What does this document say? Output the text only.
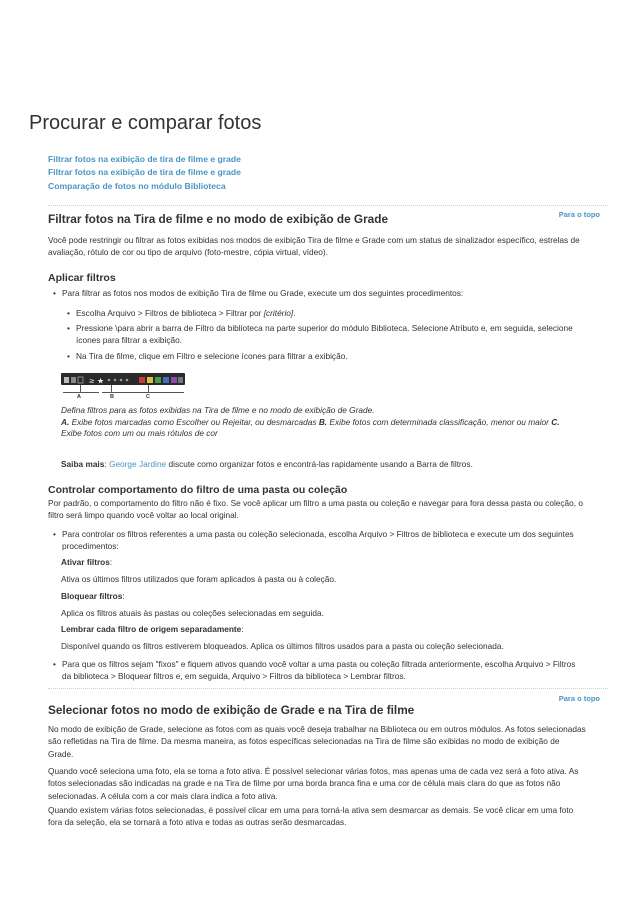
Procurar e comparar fotos
Filtrar fotos na exibição de tira de filme e grade
Filtrar fotos na exibição de tira de filme e grade
Comparação de fotos no módulo Biblioteca
Para o topo
Filtrar fotos na Tira de filme e no modo de exibição de Grade
Você pode restringir ou filtrar as fotos exibidas nos modos de exibição Tira de filme e Grade com um status de sinalizador específico, estrelas de
avaliação, rótulo de cor ou tipo de arquivo (foto-mestre, cópia virtual, vídeo).
Aplicar filtros
• Para filtrar as fotos nos modos de exibição Tira de filme ou Grade, execute um dos seguintes procedimentos:
• Escolha Arquivo > Filtros de biblioteca > Filtrar por [critério].
• Pressione \para abrir a barra de Filtro da biblioteca na parte superior do módulo Biblioteca. Selecione Atributo e, em seguida, selecione
ícones para filtrar a exibição.
• Na Tira de filme, clique em Filtro e selecione ícones para filtrar a exibição.
≥ ★
A	B	C
Defina filtros para as fotos exibidas na Tira de filme e no modo de exibição de Grade.
A. Exibe fotos marcadas como Escolher ou Rejeitar, ou desmarcadas B. Exibe fotos com determinada classificação, menor ou maior C.
Exibe fotos com um ou mais rótulos de cor
Saiba mais: George Jardine discute como organizar fotos e encontrá-las rapidamente usando a Barra de filtros.
Controlar comportamento do filtro de uma pasta ou coleção
Por padrão, o comportamento do filtro não é fixo. Se você aplicar um filtro a uma pasta ou coleção e navegar para fora dessa pasta ou coleção, o
filtro será limpo quando você voltar ao local original.
• Para controlar os filtros referentes a uma pasta ou coleção selecionada, escolha Arquivo > Filtros de biblioteca e execute um dos seguintes
procedimentos:
Ativar filtros:
Ativa os últimos filtros utilizados que foram aplicados à pasta ou à coleção.
Bloquear filtros:
Aplica os filtros atuais às pastas ou coleções selecionadas em seguida.
Lembrar cada filtro de origem separadamente:
Disponível quando os filtros estiverem bloqueados. Aplica os últimos filtros usados para a pasta ou coleção selecionada.
• Para que os filtros sejam "fixos" e fiquem ativos quando você voltar a uma pasta ou coleção filtrada anteriormente, escolha Arquivo > Filtros
da biblioteca > Bloquear filtros e, em seguida, Arquivo > Filtros da biblioteca > Lembrar filtros.
Para o topo
Selecionar fotos no modo de exibição de Grade e na Tira de filme
No modo de exibição de Grade, selecione as fotos com as quais você deseja trabalhar na Biblioteca ou em outros módulos. As fotos selecionadas
são refletidas na Tira de filme. Da mesma maneira, as fotos específicas selecionadas na Tira de filme são exibidas no modo de exibição de
Grade.
Quando você seleciona uma foto, ela se torna a foto ativa. É possível selecionar várias fotos, mas apenas uma de cada vez será a foto ativa. As
fotos selecionadas são indicadas na grade e na Tira de filme por uma borda branca fina e uma cor de célula mais clara do que as fotos não
selecionadas. A célula com a cor mais clara indica a foto ativa.
Quando existem várias fotos selecionadas, é possível clicar em uma para torná-la ativa sem desmarcar as demais. Se você clicar em uma foto
fora da seleção, ela se tornará a foto ativa e todas as outras serão desmarcadas.
